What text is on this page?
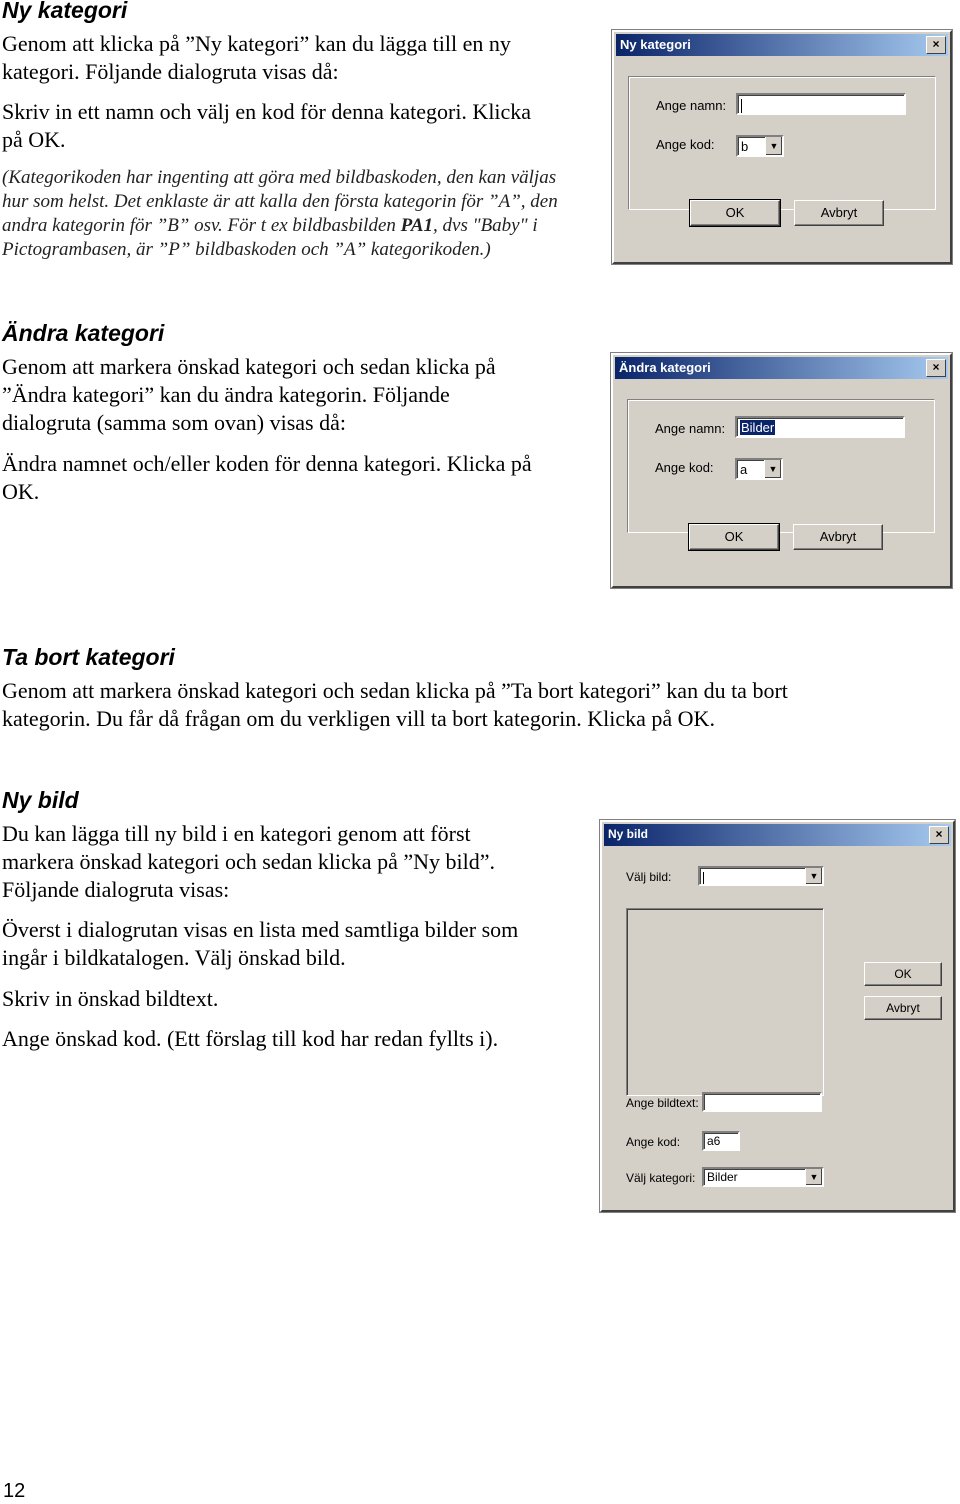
Ny kategori
Genom att klicka på ”Ny kategori” kan du lägga till en ny
kategori. Följande dialogruta visas då:
Skriv in ett namn och välj en kod för denna kategori. Klicka
på OK.
(Kategorikoden har ingenting att göra med bildbaskoden, den kan väljas
hur som helst. Det enklaste är att kalla den första kategorin för ”A”, den
andra kategorin för ”B” osv. För t ex bildbasbilden PA1, dvs "Baby" i
Pictogrambasen, är ”P” bildbaskoden och ”A” kategorikoden.)
Ny kategori	×
Ange namn:
Ange kod:	b	▼
OK	Avbryt
Ändra kategori
Genom att markera önskad kategori och sedan klicka på
”Ändra kategori” kan du ändra kategorin. Följande
dialogruta (samma som ovan) visas då:
Ändra namnet och/eller koden för denna kategori. Klicka på
OK.
Ändra kategori	×
Ange namn:	Bilder
Ange kod:	a	▼
OK	Avbryt
Ta bort kategori
Genom att markera önskad kategori och sedan klicka på ”Ta bort kategori” kan du ta bort
kategorin. Du får då frågan om du verkligen vill ta bort kategorin. Klicka på OK.
Ny bild
Du kan lägga till ny bild i en kategori genom att först
markera önskad kategori och sedan klicka på ”Ny bild”.
Följande dialogruta visas:
Överst i dialogrutan visas en lista med samtliga bilder som
ingår i bildkatalogen. Välj önskad bild.
Skriv in önskad bildtext.
Ange önskad kod. (Ett förslag till kod har redan fyllts i).
Ny bild	×
Välj bild:	▼
OK
Avbryt
Ange bildtext:
Ange kod:	a6
Välj kategori: Bilder	▼
12
